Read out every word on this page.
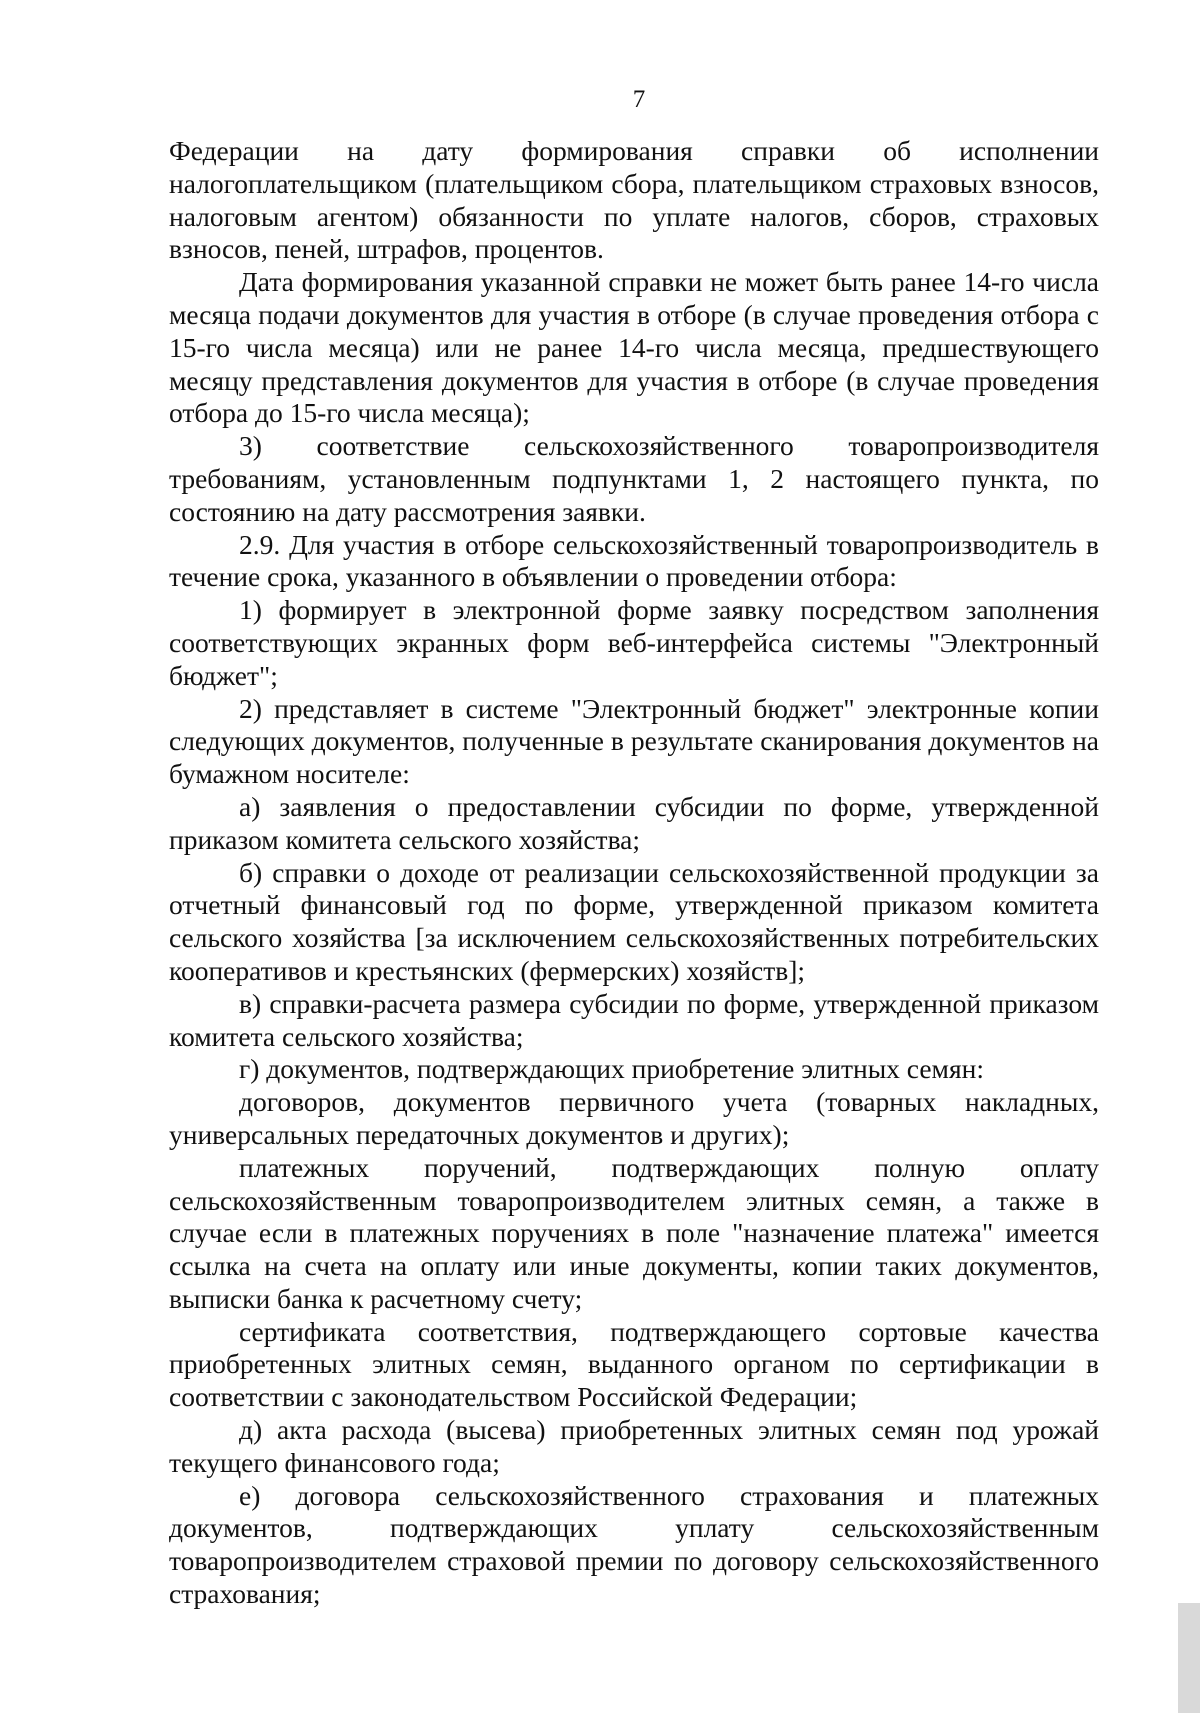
7

Федерации на дату формирования справки об исполнении налогоплательщиком (плательщиком сбора, плательщиком страховых взносов, налоговым агентом) обязанности по уплате налогов, сборов, страховых взносов, пеней, штрафов, процентов.

Дата формирования указанной справки не может быть ранее 14-го числа месяца подачи документов для участия в отборе (в случае проведения отбора с 15-го числа месяца) или не ранее 14-го числа месяца, предшествующего месяцу представления документов для участия в отборе (в случае проведения отбора до 15-го числа месяца);

3) соответствие сельскохозяйственного товаропроизводителя требованиям, установленным подпунктами 1, 2 настоящего пункта, по состоянию на дату рассмотрения заявки.

2.9. Для участия в отборе сельскохозяйственный товаропроизводитель в течение срока, указанного в объявлении о проведении отбора:

1) формирует в электронной форме заявку посредством заполнения соответствующих экранных форм веб-интерфейса системы "Электронный бюджет";

2) представляет в системе "Электронный бюджет" электронные копии следующих документов, полученные в результате сканирования документов на бумажном носителе:

а) заявления о предоставлении субсидии по форме, утвержденной приказом комитета сельского хозяйства;

б) справки о доходе от реализации сельскохозяйственной продукции за отчетный финансовый год по форме, утвержденной приказом комитета сельского хозяйства [за исключением сельскохозяйственных потребительских кооперативов и крестьянских (фермерских) хозяйств];

в) справки-расчета размера субсидии по форме, утвержденной приказом комитета сельского хозяйства;

г) документов, подтверждающих приобретение элитных семян:

договоров, документов первичного учета (товарных накладных, универсальных передаточных документов и других);

платежных поручений, подтверждающих полную оплату сельскохозяйственным товаропроизводителем элитных семян, а также в случае если в платежных поручениях в поле "назначение платежа" имеется ссылка на счета на оплату или иные документы, копии таких документов, выписки банка к расчетному счету;

сертификата соответствия, подтверждающего сортовые качества приобретенных элитных семян, выданного органом по сертификации в соответствии с законодательством Российской Федерации;

д) акта расхода (высева) приобретенных элитных семян под урожай текущего финансового года;

е) договора сельскохозяйственного страхования и платежных документов, подтверждающих уплату сельскохозяйственным товаропроизводителем страховой премии по договору сельскохозяйственного страхования;
